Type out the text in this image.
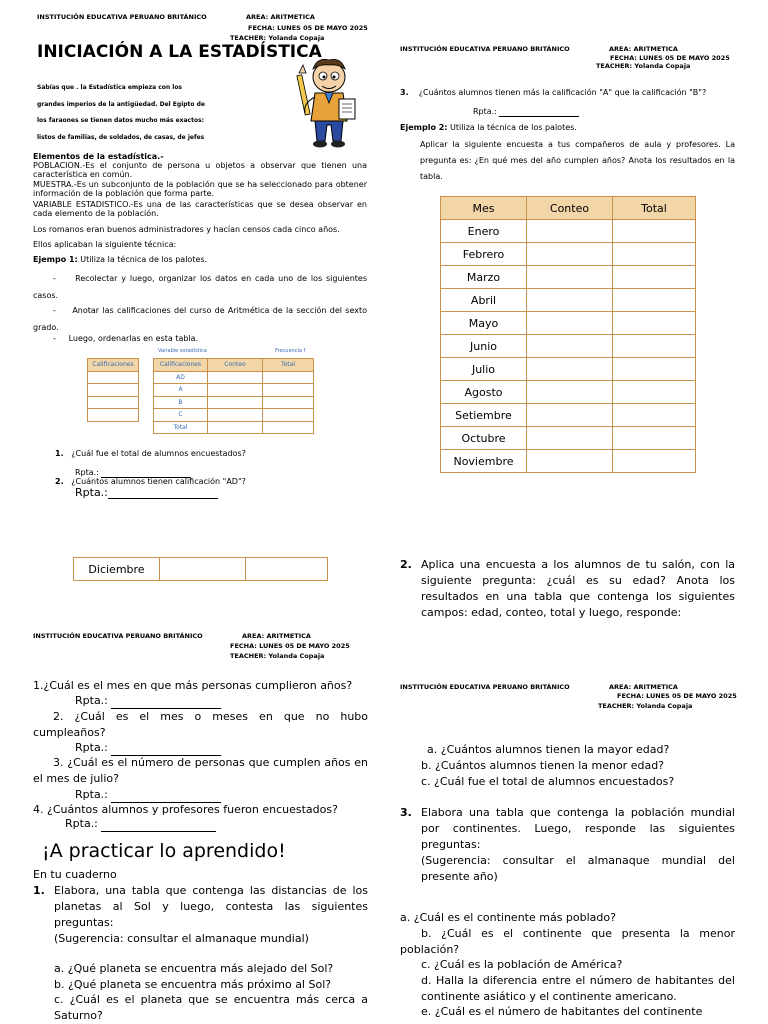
INSTITUCIÓN EDUCATIVA PERUANO BRITÁNICO	AREA: ARITMETICA
FECHA: LUNES 05 DE MAYO 2025
TEACHER: Yolanda Copaja
INICIACIÓN A LA ESTADÍSTICA
Sabías que . la Estadística empieza con los
grandes imperios de la antigüedad. Del Egipto de
los faraones se tienen datos mucho más exactos:
listos de familias, de soldados, de casas, de jefes
Elementos de la estadística.-
POBLACION.-Es el conjunto de persona u objetos a observar que tienen una característica en común.
MUESTRA.-Es un subconjunto de la población que se ha seleccionado para obtener información de la población que forma parte.
VARIABLE ESTADISTICO.-Es una de las características que se desea observar en cada elemento de la población.
Los romanos eran buenos administradores y hacían censos cada cinco años.
Ellos aplicaban la siguiente técnica:
Ejempo 1: Utiliza la técnica de los palotes.
-     Recolectar y luego, organizar los datos en cada uno de los siguientes casos.
-     Anotar las calificaciones del curso de Aritmética de la sección del sexto grado.
-     Luego, ordenarlas en esta tabla.
Variable estadística	Frecuencia f
Calificaciones	Calificaciones	Conteo	Total
AD		
A		
B		
C		
Total		
1. ¿Cuál fue el total de alumnos encuestados?
Rpta.:
2. ¿Cuántos alumnos tienen calificación "AD"?
Rpta.:
Diciembre		
INSTITUCIÓN EDUCATIVA PERUANO BRITÁNICO	AREA: ARITMETICA
FECHA: LUNES 05 DE MAYO 2025
TEACHER: Yolanda Copaja
3. ¿Cuántos alumnos tienen más la calificación "A" que la calificación "B"?
Rpta.:
Ejemplo 2: Utiliza la técnica de los palotes.
Aplicar la siguiente encuesta a tus compañeros de aula y profesores. La pregunta es: ¿En qué mes del año cumplen años? Anota los resultados en la tabla.
Mes	Conteo	Total
Enero		
Febrero		
Marzo		
Abril		
Mayo		
Junio		
Julio		
Agosto		
Setiembre		
Octubre		
Noviembre		
2. Aplica una encuesta a los alumnos de tu salón, con la siguiente pregunta: ¿cuál es su edad? Anota los resultados en una tabla que contenga los siguientes campos: edad, conteo, total y luego, responde:
INSTITUCIÓN EDUCATIVA PERUANO BRITÁNICO	AREA: ARITMETICA
FECHA: LUNES 05 DE MAYO 2025
TEACHER: Yolanda Copaja
1.¿Cuál es el mes en que más personas cumplieron años?
Rpta.:
2. ¿Cuál es el mes o meses en que no hubo cumpleaños?
Rpta.:
3. ¿Cuál es el número de personas que cumplen años en el mes de julio?
Rpta.:
4. ¿Cuántos alumnos y profesores fueron encuestados?
Rpta.:
¡A practicar lo aprendido!
En tu cuaderno
1. Elabora, una tabla que contenga las distancias de los planetas al Sol y luego, contesta las siguientes preguntas:
(Sugerencia: consultar el almanaque mundial)
a. ¿Qué planeta se encuentra más alejado del Sol?
b. ¿Qué planeta se encuentra más próximo al Sol?
c. ¿Cuál es el planeta que se encuentra más cerca a Saturno?
INSTITUCIÓN EDUCATIVA PERUANO BRITÁNICO	AREA: ARITMETICA
FECHA: LUNES 05 DE MAYO 2025
TEACHER: Yolanda Copaja
a. ¿Cuántos alumnos tienen la mayor edad?
b. ¿Cuántos alumnos tienen la menor edad?
c. ¿Cuál fue el total de alumnos encuestados?
3. Elabora una tabla que contenga la población mundial por continentes. Luego, responde las siguientes preguntas:
(Sugerencia: consultar el almanaque mundial del presente año)
a. ¿Cuál es el continente más poblado?
b. ¿Cuál es el continente que presenta la menor población?
c. ¿Cuál es la población de América?
d. Halla la diferencia entre el número de habitantes del continente asiático y el continente americano.
e. ¿Cuál es el número de habitantes del continente
